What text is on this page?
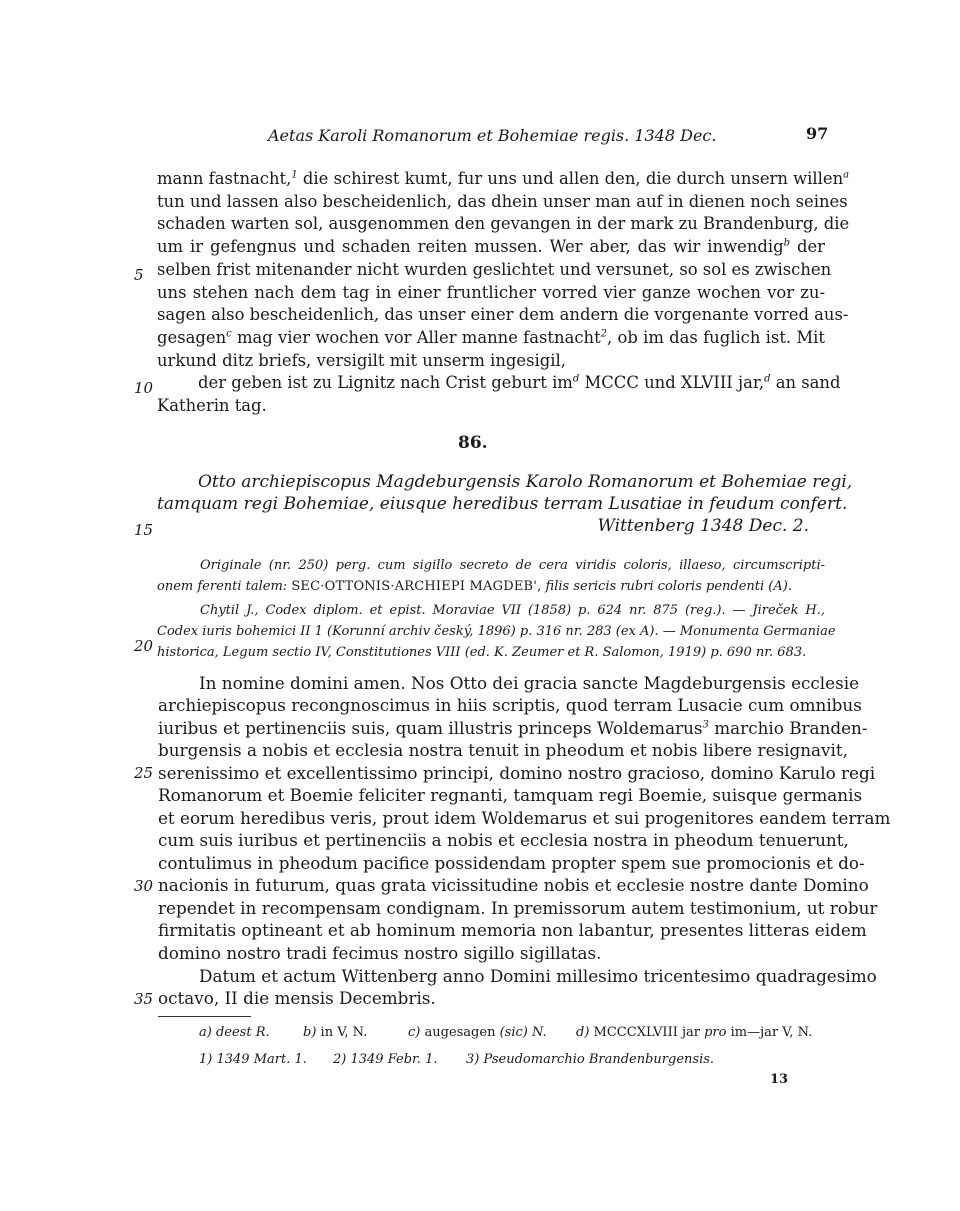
Aetas Karoli Romanorum et Bohemiae regis. 1348 Dec.	97
mann fastnacht,$^1$ die schirest kumt, fur uns und allen den, die durch unsern willen$^a$
tun und lassen also bescheidenlich, das dhein unser man auf in dienen noch seines
schaden warten sol, ausgenommen den gevangen in der mark zu Brandenburg, die
um ir gefengnus und schaden reiten mussen. Wer aber, das wir inwendig$^b$ der
selben frist mitenander nicht wurden geslichtet und versunet, so sol es zwischen
uns stehen nach dem tag in einer fruntlicher vorred vier ganze wochen vor zu-
sagen also bescheidenlich, das unser einer dem andern die vorgenante vorred aus-
gesagen$^c$ mag vier wochen vor Aller manne fastnacht$^2$, ob im das fuglich ist. Mit
urkund ditz briefs, versigilt mit unserm ingesigil,
der geben ist zu Lignitz nach Crist geburt $im^d$ MCCC und XLVIII jar,$^d$ an sand
Katherin tag.
5
10
15
20
25
30
35
86.
Otto archiepiscopus Magdeburgensis Karolo Romanorum et Bohemiae regi,
tamquam regi Bohemiae, eiusque heredibus terram Lusatiae in feudum confert.
Wittenberg 1348 Dec. 2.
Originale (nr. 250) perg. cum sigillo secreto de cera viridis coloris, illaeso, circumscripti-
onem ferenti talem: SEC·OTTONIS·ARCHIEPI MAGDEB', filis sericis rubri coloris pendenti (A).
Chytil J., Codex diplom. et epist. Moraviae VII (1858) p. 624 nr. 875 (reg.). — Jireček H.,
Codex iuris bohemici II 1 (Korunní archiv český, 1896) p. 316 nr. 283 (ex A). — Monumenta Germaniae
historica, Legum sectio IV, Constitutiones VIII (ed. K. Zeumer et R. Salomon, 1919) p. 690 nr. 683.
In nomine domini amen. Nos Otto dei gracia sancte Magdeburgensis ecclesie
archiepiscopus recongnoscimus in hiis scriptis, quod terram Lusacie cum omnibus
iuribus et pertinenciis suis, quam illustris princeps Woldemarus$^3$ marchio Branden-
burgensis a nobis et ecclesia nostra tenuit in pheodum et nobis libere resignavit,
serenissimo et excellentissimo principi, domino nostro gracioso, domino Karulo regi
Romanorum et Boemie feliciter regnanti, tamquam regi Boemie, suisque germanis
et eorum heredibus veris, prout idem Woldemarus et sui progenitores eandem terram
cum suis iuribus et pertinenciis a nobis et ecclesia nostra in pheodum tenuerunt,
contulimus in pheodum pacifice possidendam propter spem sue promocionis et do-
nacionis in futurum, quas grata vicissitudine nobis et ecclesie nostre dante Domino
rependet in recompensam condignam. In premissorum autem testimonium, ut robur
firmitatis optineant et ab hominum memoria non labantur, presentes litteras eidem
domino nostro tradi fecimus nostro sigillo sigillatas.
Datum et actum Wittenberg anno Domini millesimo tricentesimo quadragesimo
octavo, II die mensis Decembris.
a) deest R.	b) in V, N.	c) augesagen (sic) N. d) MCCCXLVIII jar pro im—jar V, N.
1) 1349 Mart. 1. 2) 1349 Febr. 1. 3) Pseudomarchio Brandenburgensis.
13
